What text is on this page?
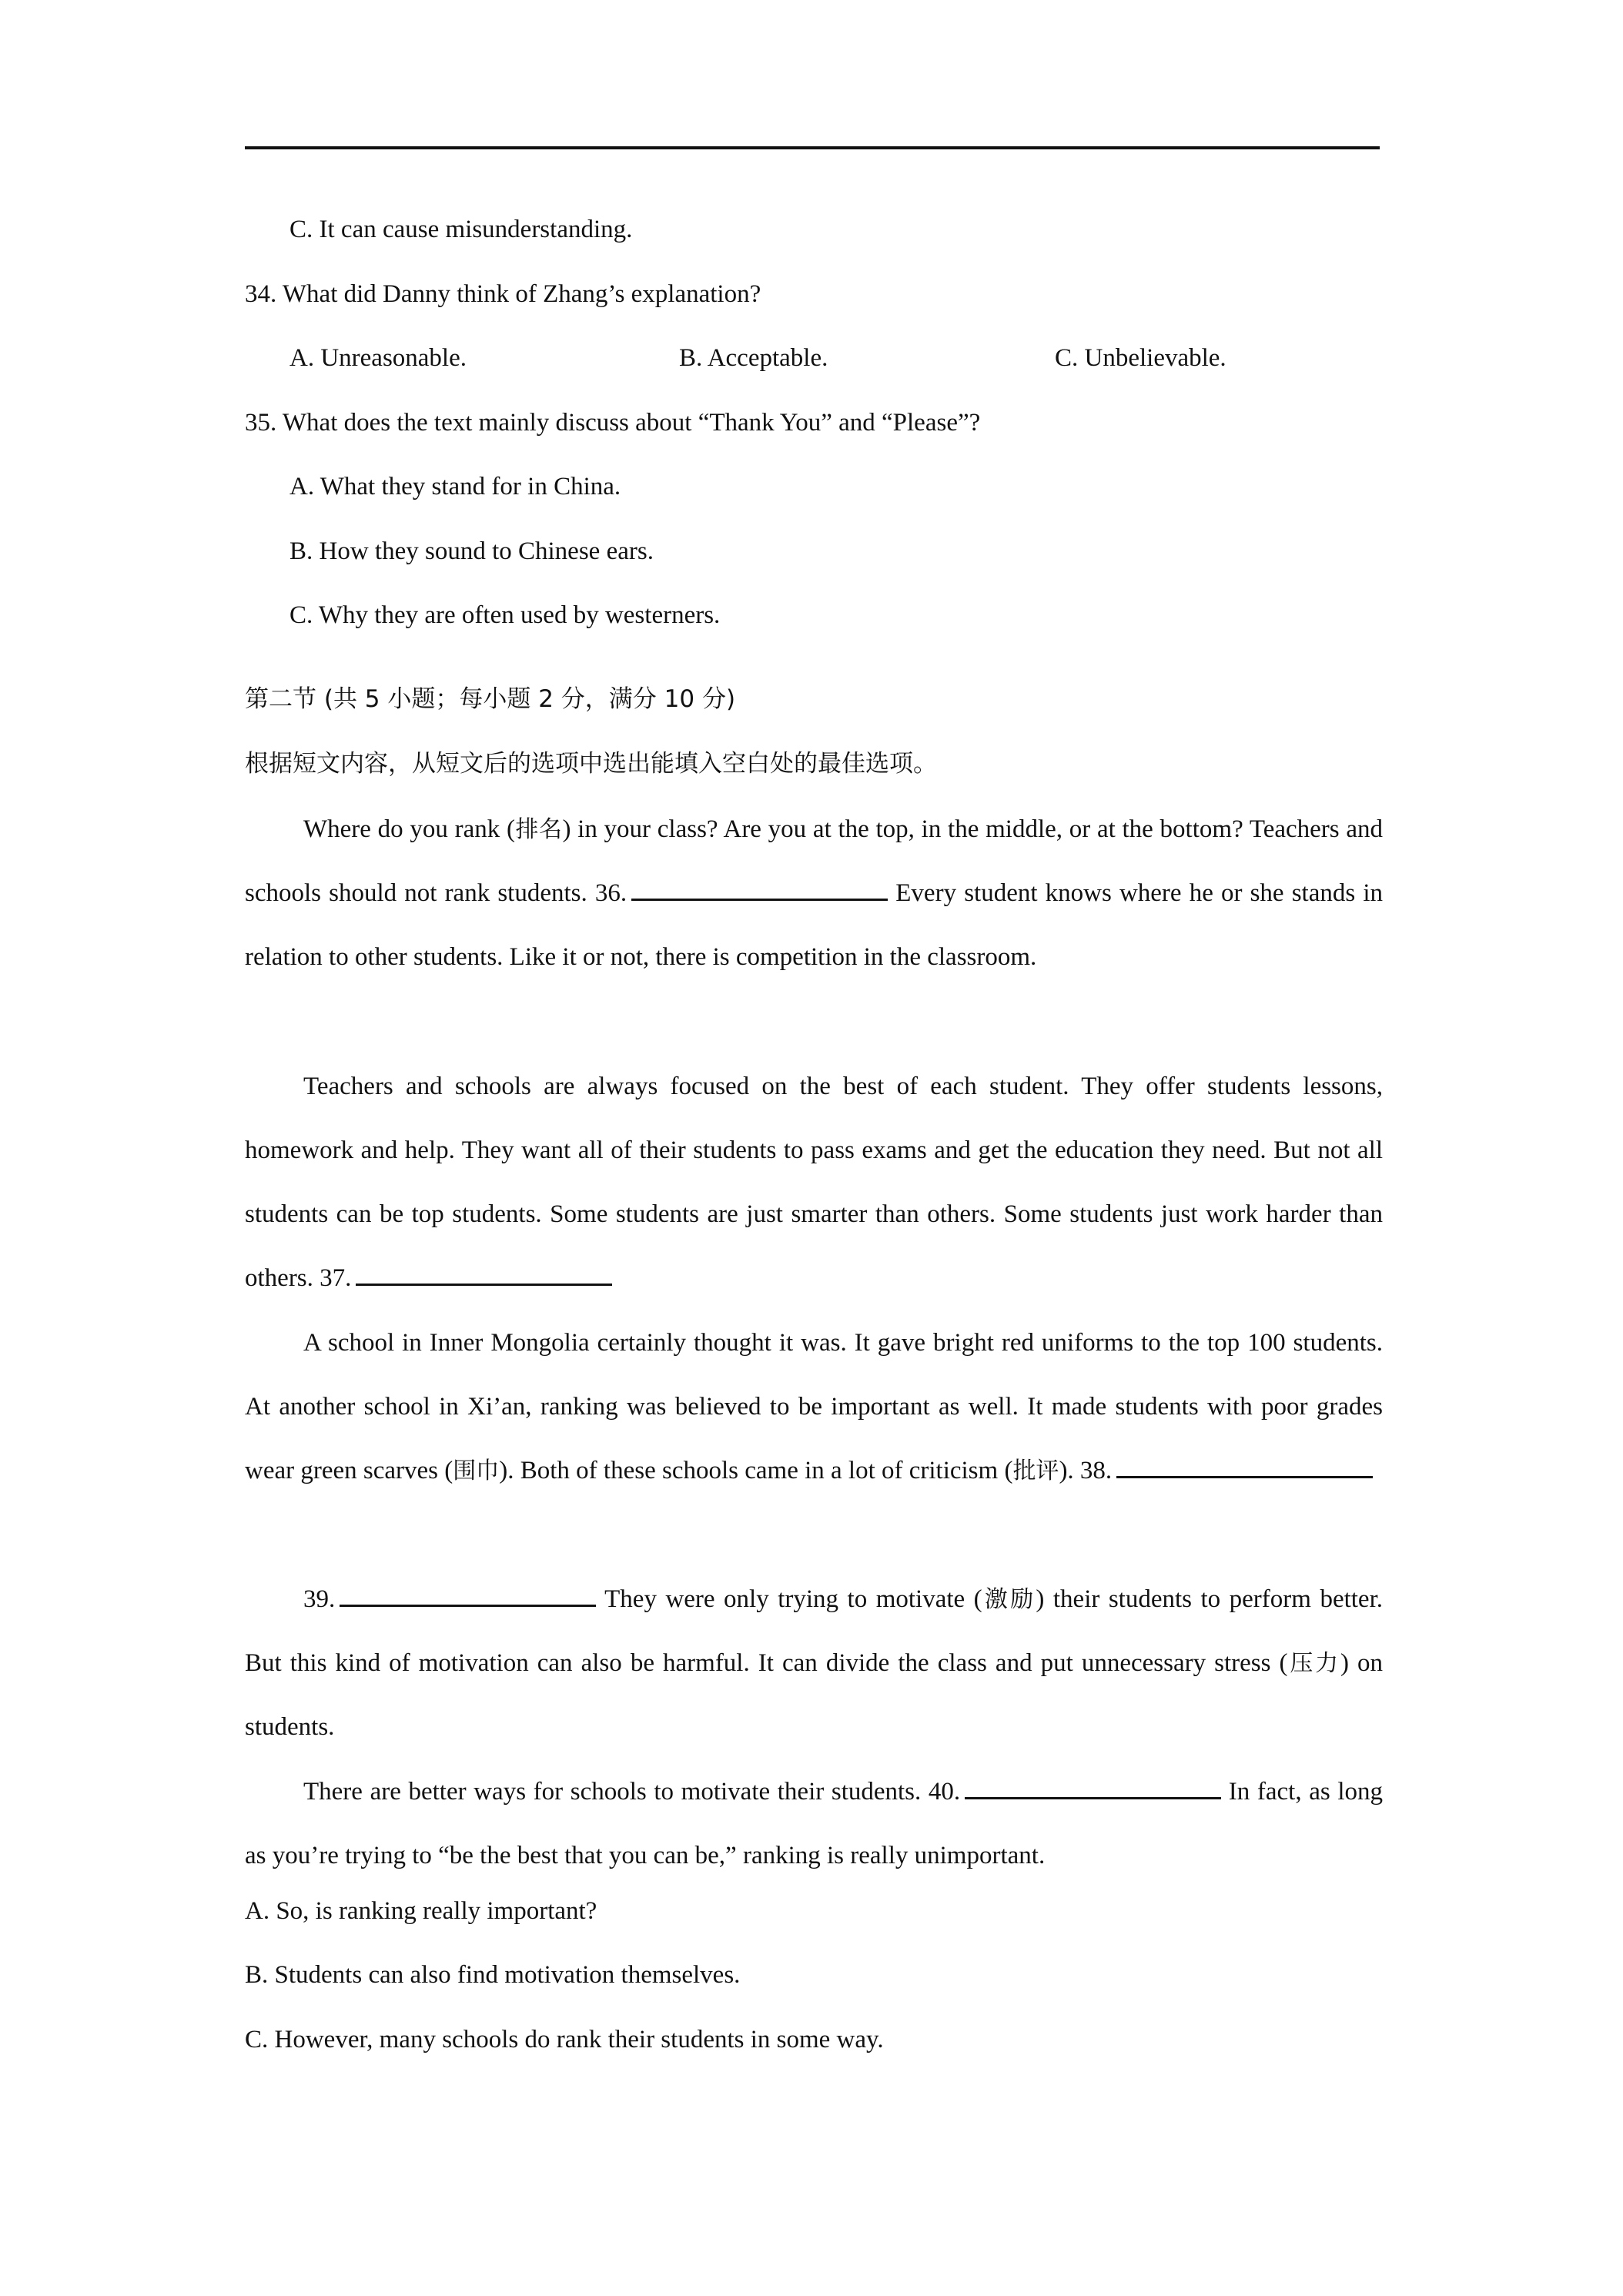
C. It can cause misunderstanding.
34. What did Danny think of Zhang’s explanation?
A. Unreasonable.	B. Acceptable.	C. Unbelievable.
35. What does the text mainly discuss about “Thank You” and “Please”?
A. What they stand for in China.
B. How they sound to Chinese ears.
C. Why they are often used by westerners.
第二节 (共 5 小题；每小题 2 分，满分 10 分)
根据短文内容，从短文后的选项中选出能填入空白处的最佳选项。
Where do you rank (排名) in your class? Are you at the top, in the middle, or at the bottom? Teachers and schools should not rank students. 36.	Every student knows where he or she stands in relation to other students. Like it or not, there is competition in the classroom.
Teachers and schools are always focused on the best of each student. They offer students lessons, homework and help. They want all of their students to pass exams and get the education they need. But not all students can be top students. Some students are just smarter than others. Some students just work harder than others. 37.
A school in Inner Mongolia certainly thought it was. It gave bright red uniforms to the top 100 students. At another school in Xi’an, ranking was believed to be important as well. It made students with poor grades wear green scarves (围巾). Both of these schools came in a lot of criticism (批评). 38.
39.	They were only trying to motivate (激励) their students to perform better. But this kind of motivation can also be harmful. It can divide the class and put unnecessary stress (压力) on students.
There are better ways for schools to motivate their students. 40.	In fact, as long as you’re trying to “be the best that you can be,” ranking is really unimportant.
A. So, is ranking really important?
B. Students can also find motivation themselves.
C. However, many schools do rank their students in some way.
